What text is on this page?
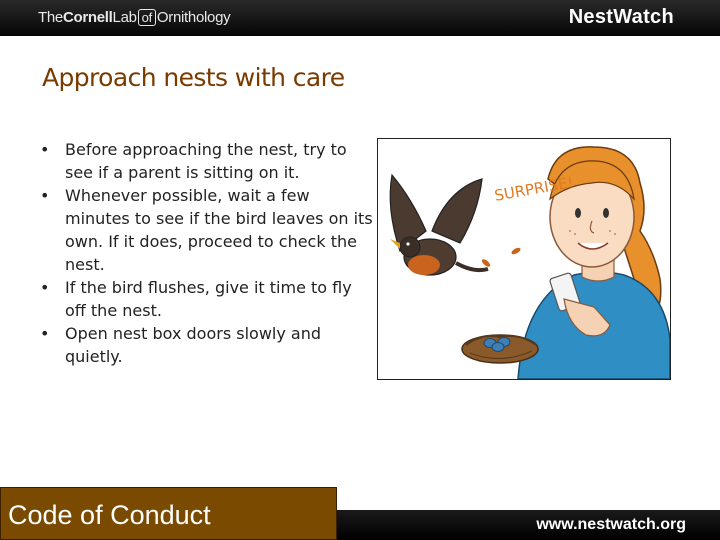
TheCornellLab of Ornithology	NestWatch
Approach nests with care
• Before approaching the nest, try to see if a parent is sitting on it.
• Whenever possible, wait a few minutes to see if the bird leaves on its own. If it does, proceed to check the nest.
• If the bird flushes, give it time to fly off the nest.
• Open nest box doors slowly and quietly.
SURPRISE!
www.nestwatch.org
Code of Conduct
